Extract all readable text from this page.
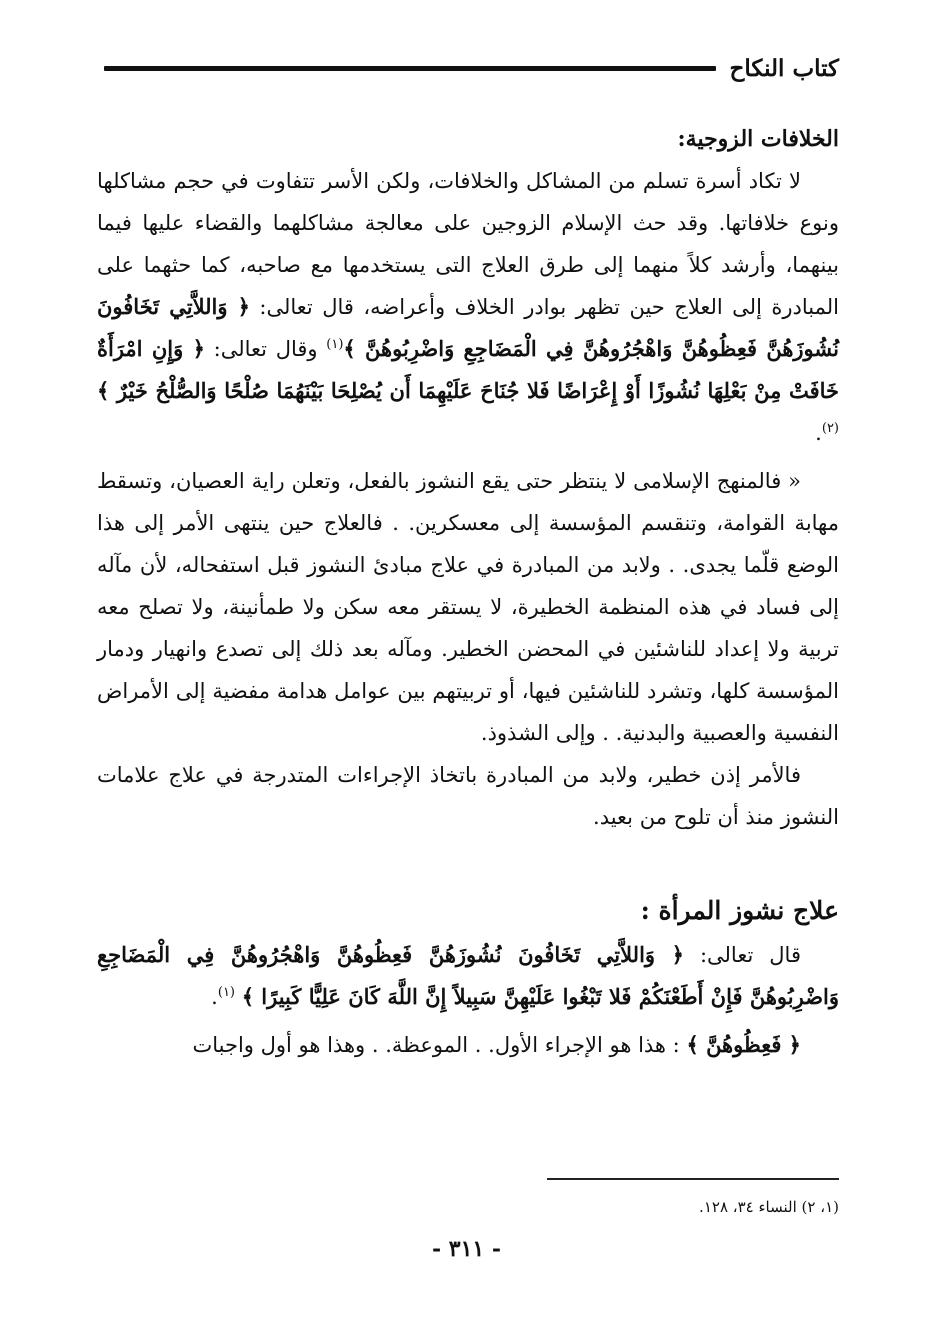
كتاب النكاح
الخلافات الزوجية:

لا تكاد أسرة تسلم من المشاكل والخلافات، ولكن الأسر تتفاوت في حجم مشاكلها ونوع خلافاتها. وقد حث الإسلام الزوجين على معالجة مشاكلهما والقضاء عليها فيما بينهما، وأرشد كلاً منهما إلى طرق العلاج التى يستخدمها مع صاحبه، كما حثهما على المبادرة إلى العلاج حين تظهر بوادر الخلاف وأعراضه، قال تعالى: ﴿ وَاللاَّتِي تَخَافُونَ نُشُوزَهُنَّ فَعِظُوهُنَّ وَاهْجُرُوهُنَّ فِي الْمَضَاجِعِ وَاضْرِبُوهُنَّ ﴾$^{(١)}$ وقال تعالى: ﴿ وَإِنِ امْرَأَةٌ خَافَتْ مِنْ بَعْلِهَا نُشُوزًا أَوْ إِعْرَاضًا فَلا جُنَاحَ عَلَيْهِمَا أَن يُصْلِحَا بَيْنَهُمَا صُلْحًا وَالصُّلْحُ خَيْرٌ ﴾ $^{(٢)}$.

« فالمنهج الإسلامى لا ينتظر حتى يقع النشوز بالفعل، وتعلن راية العصيان، وتسقط مهابة القوامة، وتنقسم المؤسسة إلى معسكرين. . فالعلاج حين ينتهى الأمر إلى هذا الوضع قلّما يجدى. . ولابد من المبادرة في علاج مبادئ النشوز قبل استفحاله، لأن مآله إلى فساد في هذه المنظمة الخطيرة، لا يستقر معه سكن ولا طمأنينة، ولا تصلح معه تربية ولا إعداد للناشئين في المحضن الخطير. ومآله بعد ذلك إلى تصدع وانهيار ودمار المؤسسة كلها، وتشرد للناشئين فيها، أو تربيتهم بين عوامل هدامة مفضية إلى الأمراض النفسية والعصبية والبدنية. . وإلى الشذوذ.

فالأمر إذن خطير، ولابد من المبادرة باتخاذ الإجراءات المتدرجة في علاج علامات النشوز منذ أن تلوح من بعيد.

علاج نشوز المرأة :

قال تعالى: ﴿ وَاللاَّتِي تَخَافُونَ نُشُوزَهُنَّ فَعِظُوهُنَّ وَاهْجُرُوهُنَّ فِي الْمَضَاجِعِ وَاضْرِبُوهُنَّ فَإِنْ أَطَعْنَكُمْ فَلا تَبْغُوا عَلَيْهِنَّ سَبِيلاً إِنَّ اللَّهَ كَانَ عَلِيًّا كَبِيرًا ﴾ $^{(١)}$.

﴿ فَعِظُوهُنَّ ﴾ : هذا هو الإجراء الأول. . الموعظة. . وهذا هو أول واجبات

(١، ٢) النساء ٣٤، ١٢٨.
- ٣١١ -
